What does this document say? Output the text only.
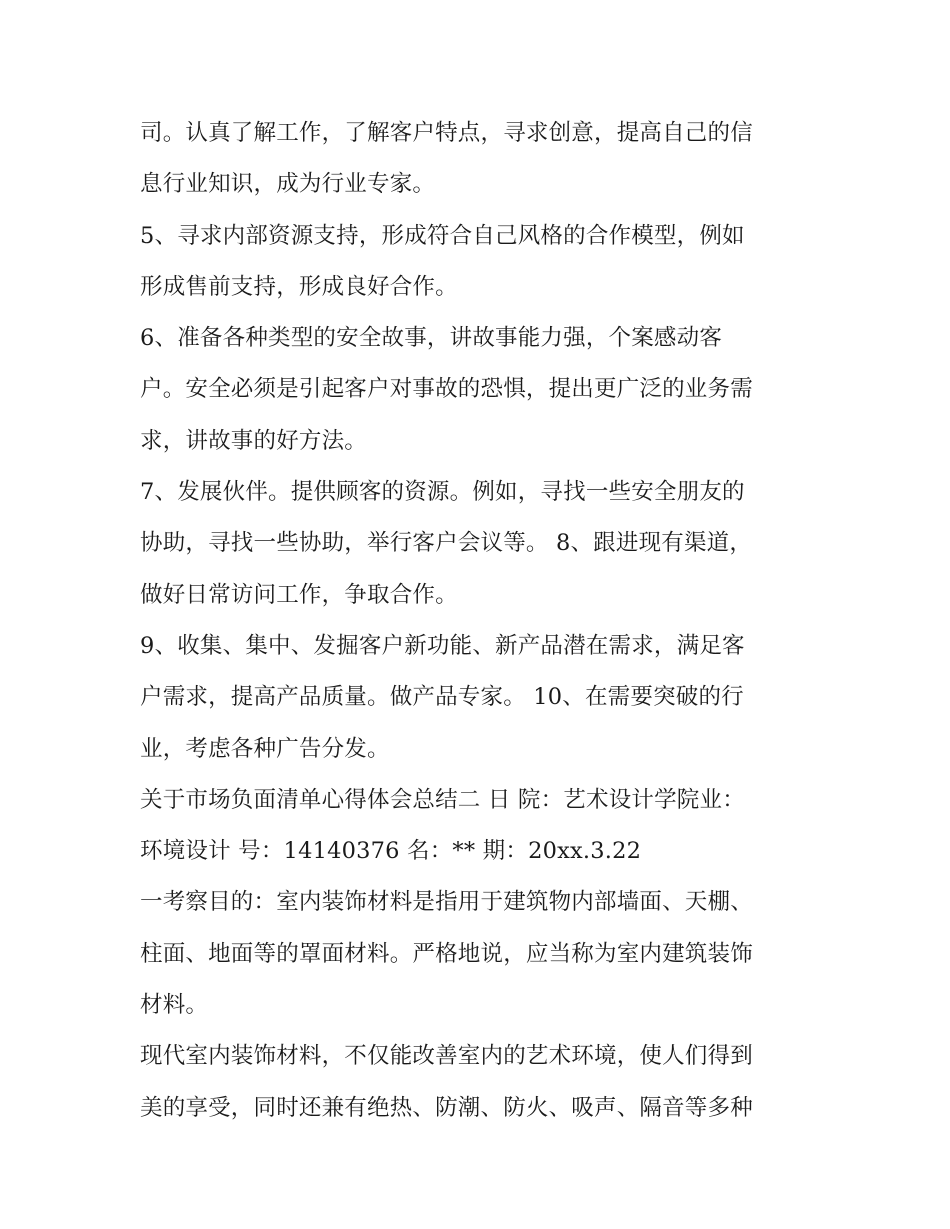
司。认真了解工作，了解客户特点，寻求创意，提高自己的信
息行业知识，成为行业专家。
5、寻求内部资源支持，形成符合自己风格的合作模型，例如
形成售前支持，形成良好合作。
6、准备各种类型的安全故事，讲故事能力强，个案感动客
户。安全必须是引起客户对事故的恐惧，提出更广泛的业务需
求，讲故事的好方法。
7、发展伙伴。提供顾客的资源。例如，寻找一些安全朋友的
协助，寻找一些协助，举行客户会议等。 8、跟进现有渠道，
做好日常访问工作，争取合作。
9、收集、集中、发掘客户新功能、新产品潜在需求，满足客
户需求，提高产品质量。做产品专家。 10、在需要突破的行
业，考虑各种广告分发。
关于市场负面清单心得体会总结二 日 院：艺术设计学院业：
环境设计 号：14140376 名：** 期：20xx.3.22
一考察目的：室内装饰材料是指用于建筑物内部墙面、天棚、
柱面、地面等的罩面材料。严格地说，应当称为室内建筑装饰
材料。
现代室内装饰材料，不仅能改善室内的艺术环境，使人们得到
美的享受，同时还兼有绝热、防潮、防火、吸声、隔音等多种
